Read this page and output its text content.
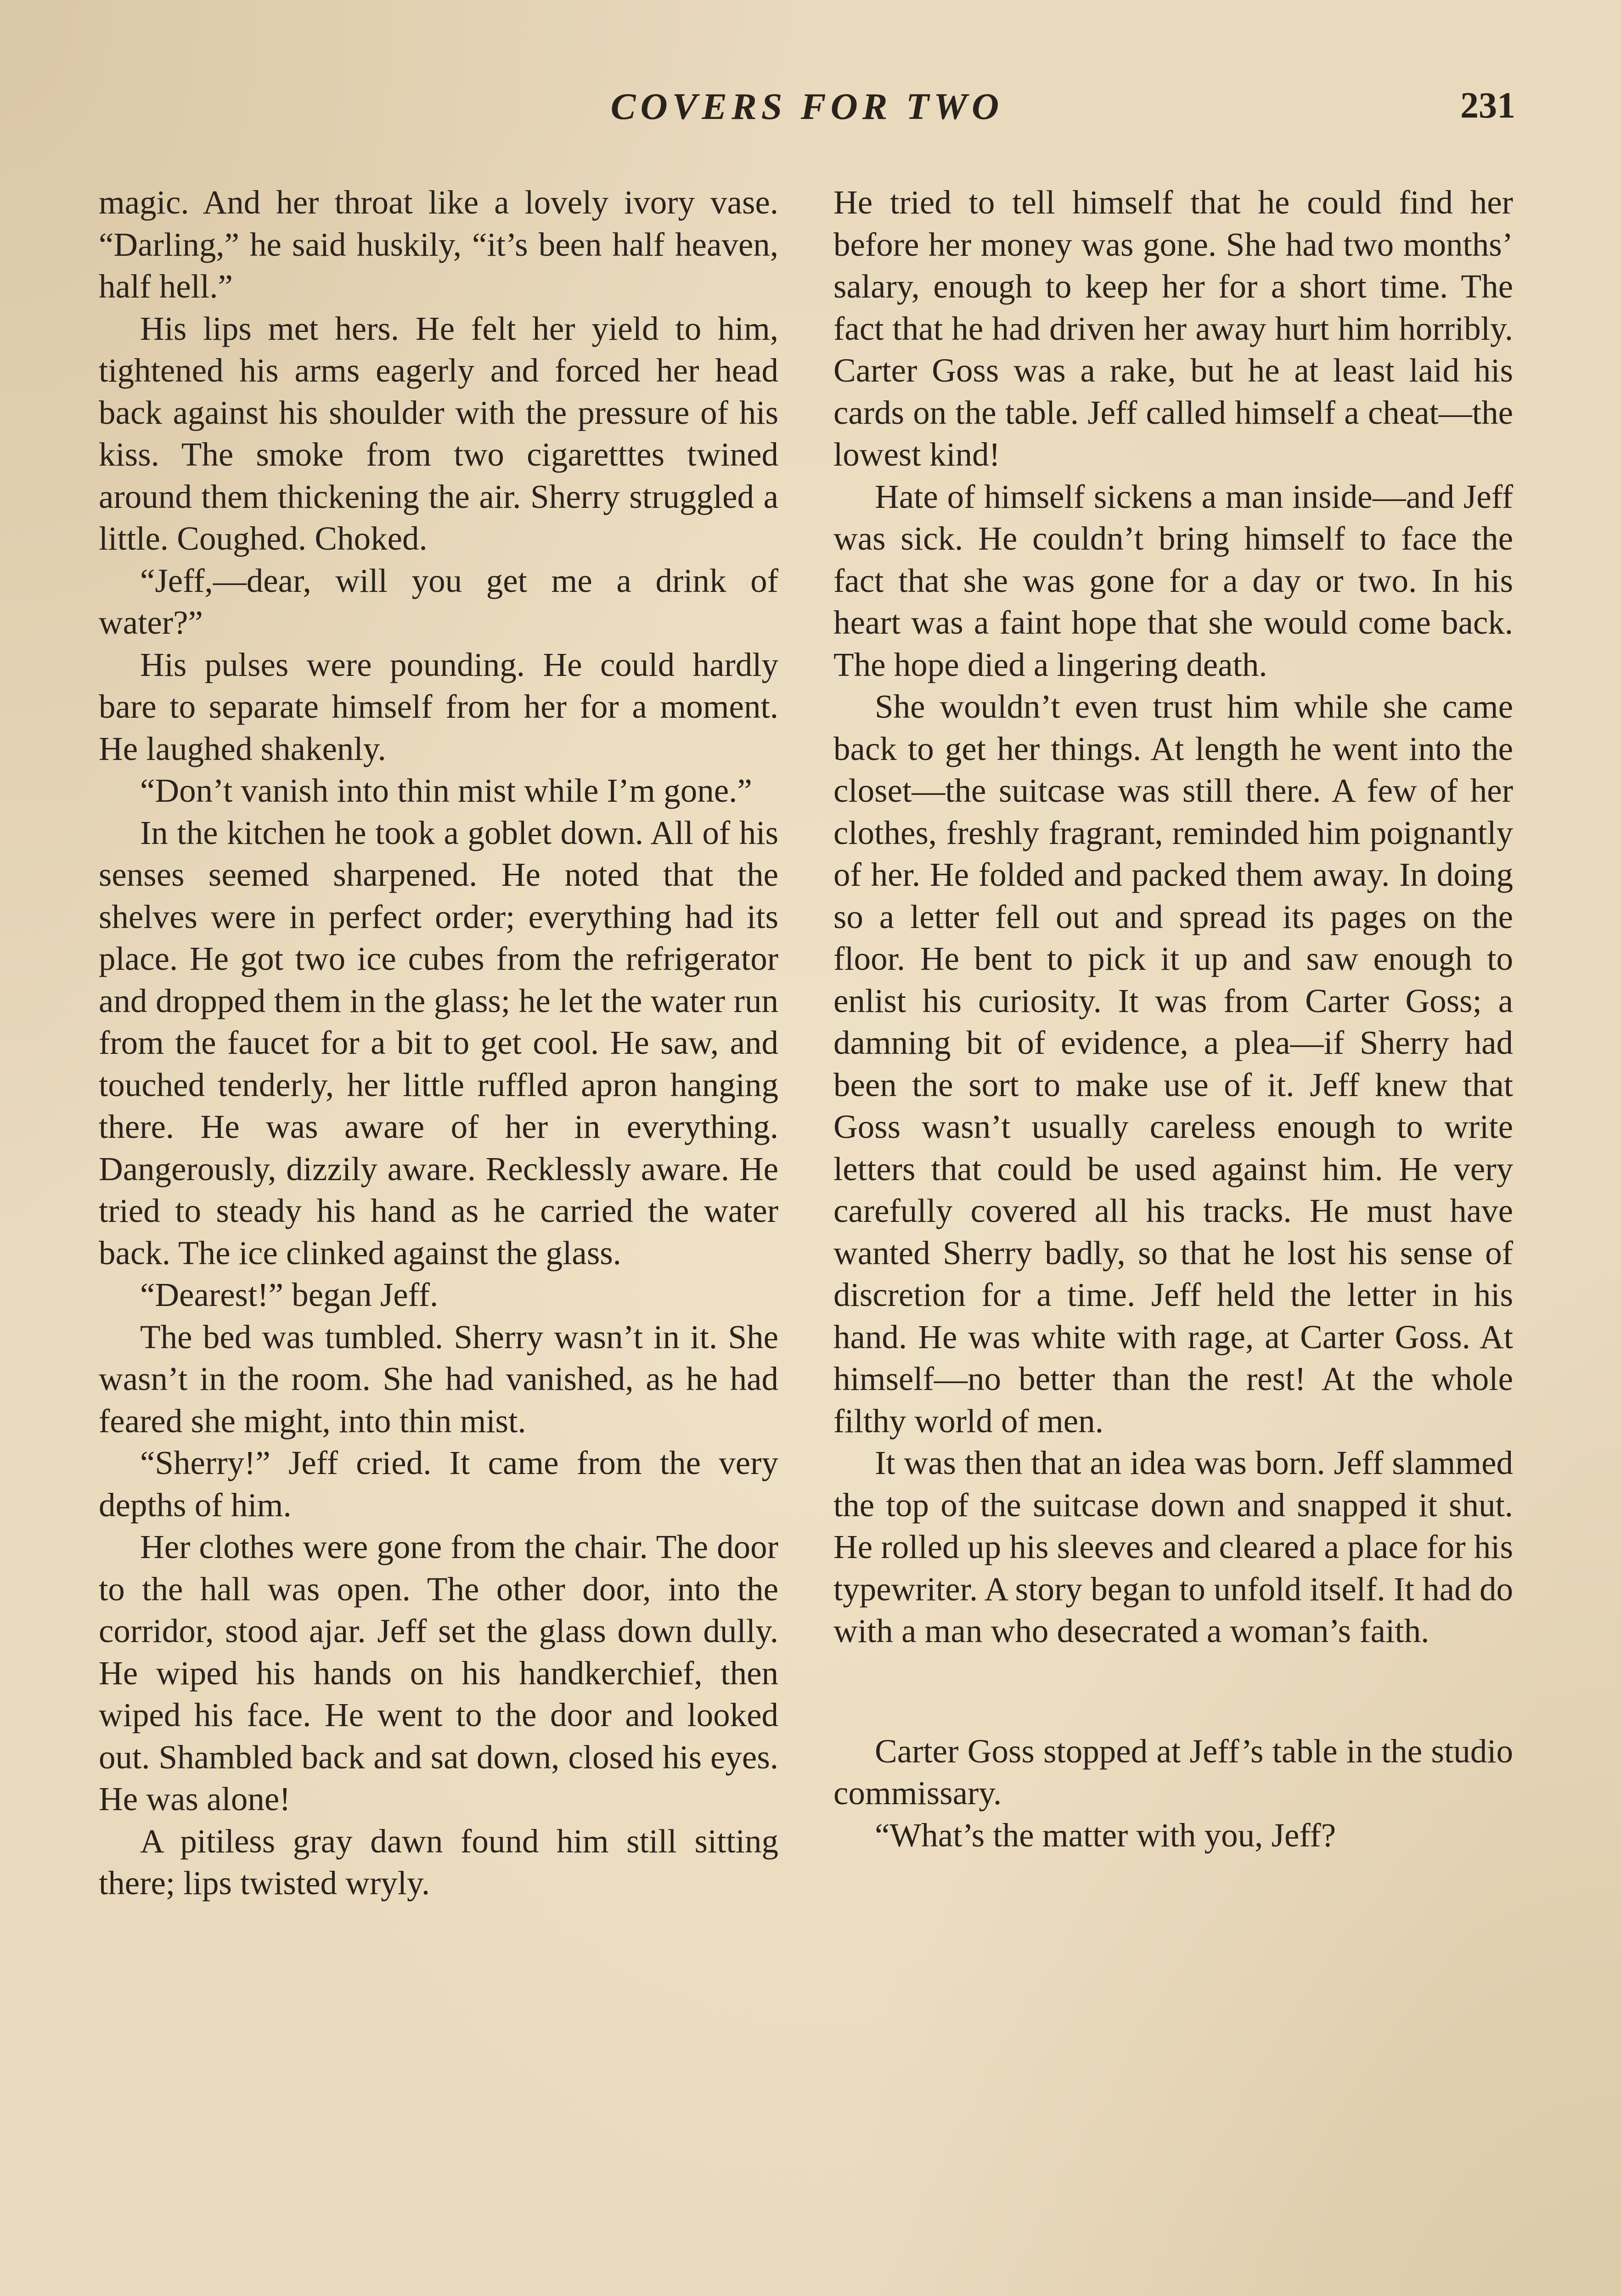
COVERS FOR TWO	231

magic. And her throat like a lovely ivory vase. “Darling,” he said huskily, “it’s been half heaven, half hell.”

His lips met hers. He felt her yield to him, tightened his arms eagerly and forced her head back against his shoulder with the pressure of his kiss. The smoke from two cigaretttes twined around them thickening the air. Sherry struggled a little. Coughed. Choked.

“Jeff,—dear, will you get me a drink of water?”

His pulses were pounding. He could hardly bare to separate himself from her for a moment. He laughed shakenly.

“Don’t vanish into thin mist while I’m gone.”

In the kitchen he took a goblet down. All of his senses seemed sharpened. He noted that the shelves were in perfect order; everything had its place. He got two ice cubes from the refrigerator and dropped them in the glass; he let the water run from the faucet for a bit to get cool. He saw, and touched tenderly, her little ruffled apron hanging there. He was aware of her in everything. Dangerously, dizzily aware. Recklessly aware. He tried to steady his hand as he carried the water back. The ice clinked against the glass.

“Dearest!” began Jeff.

The bed was tumbled. Sherry wasn’t in it. She wasn’t in the room. She had vanished, as he had feared she might, into thin mist.

“Sherry!” Jeff cried. It came from the very depths of him.

Her clothes were gone from the chair. The door to the hall was open. The other door, into the corridor, stood ajar. Jeff set the glass down dully. He wiped his hands on his handkerchief, then wiped his face. He went to the door and looked out. Shambled back and sat down, closed his eyes. He was alone!

A pitiless gray dawn found him still sitting there; lips twisted wryly.

He tried to tell himself that he could find her before her money was gone. She had two months’ salary, enough to keep her for a short time. The fact that he had driven her away hurt him horribly. Carter Goss was a rake, but he at least laid his cards on the table. Jeff called himself a cheat—the lowest kind!

Hate of himself sickens a man inside—and Jeff was sick. He couldn’t bring himself to face the fact that she was gone for a day or two. In his heart was a faint hope that she would come back. The hope died a lingering death.

She wouldn’t even trust him while she came back to get her things. At length he went into the closet—the suitcase was still there. A few of her clothes, freshly fragrant, reminded him poignantly of her. He folded and packed them away. In doing so a letter fell out and spread its pages on the floor. He bent to pick it up and saw enough to enlist his curiosity. It was from Carter Goss; a damning bit of evidence, a plea—if Sherry had been the sort to make use of it. Jeff knew that Goss wasn’t usually careless enough to write letters that could be used against him. He very carefully covered all his tracks. He must have wanted Sherry badly, so that he lost his sense of discretion for a time. Jeff held the letter in his hand. He was white with rage, at Carter Goss. At himself—no better than the rest! At the whole filthy world of men.

It was then that an idea was born. Jeff slammed the top of the suitcase down and snapped it shut. He rolled up his sleeves and cleared a place for his typewriter. A story began to unfold itself. It had do with a man who desecrated a woman’s faith.

Carter Goss stopped at Jeff’s table in the studio commissary.

“What’s the matter with you, Jeff?
